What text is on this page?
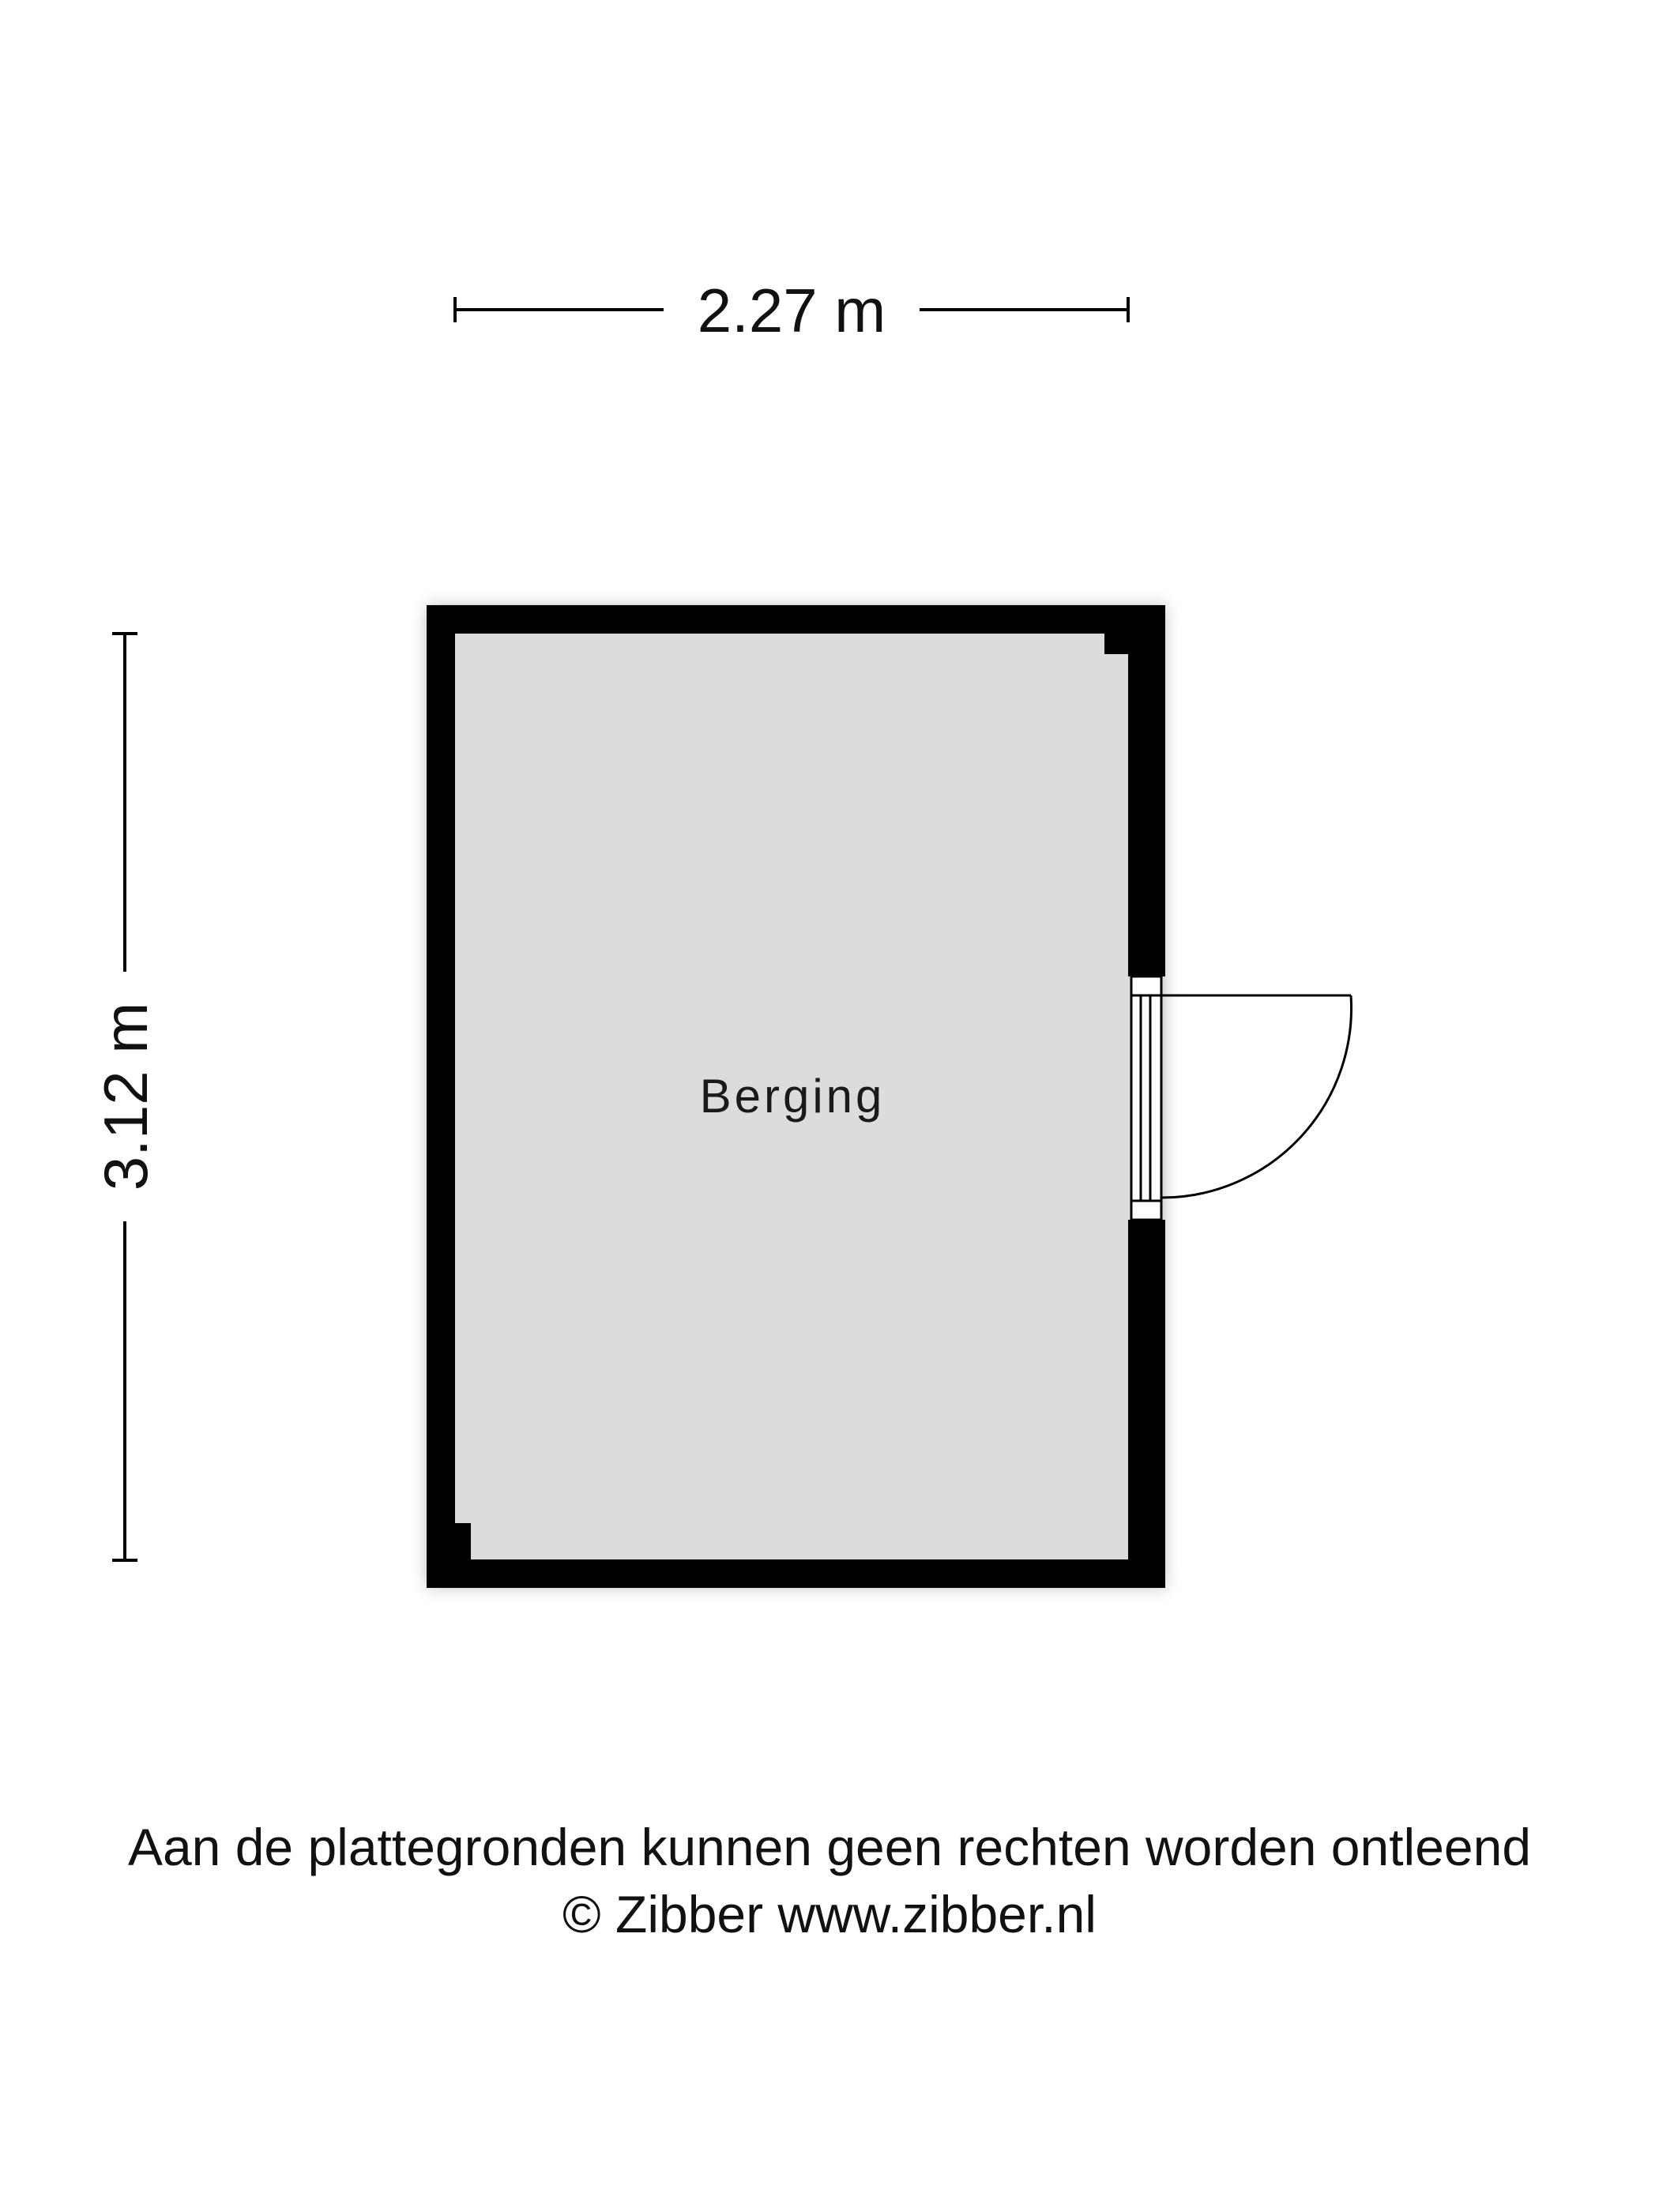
2.27 m
3.12 m	Berging
Aan de plattegronden kunnen geen rechten worden ontleend
© Zibber www.zibber.nl
